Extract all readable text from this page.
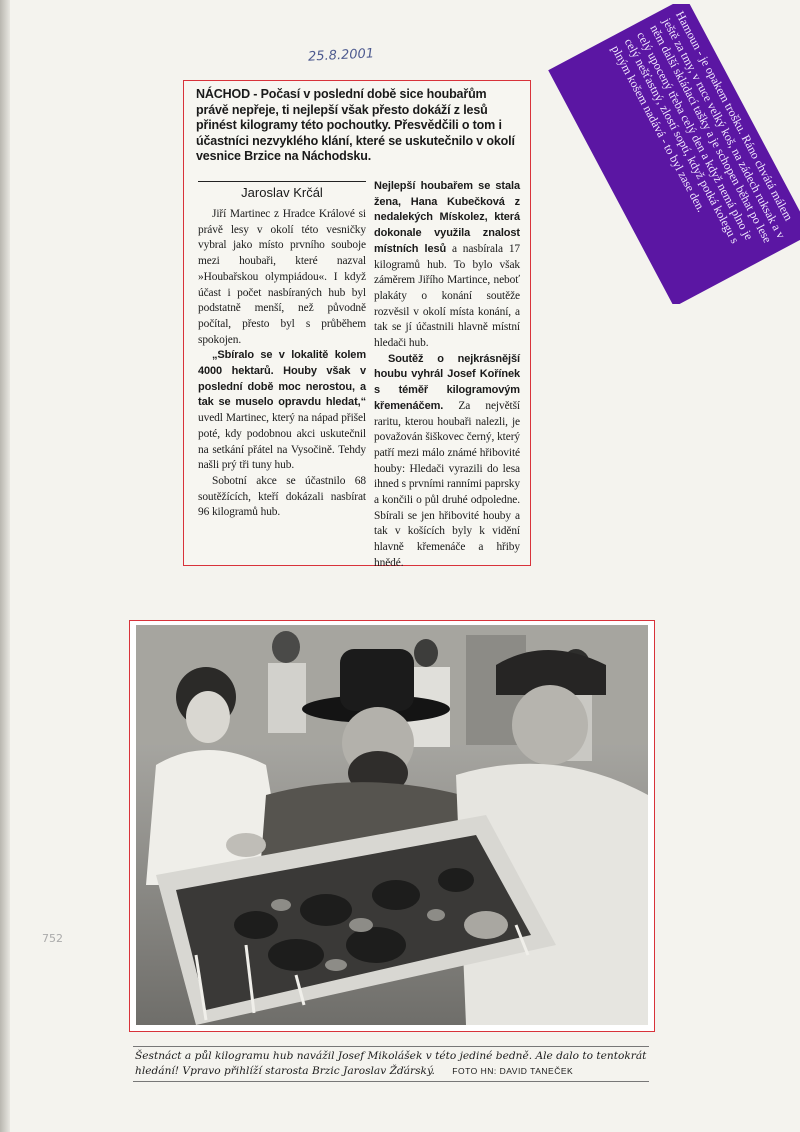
25.8.2001
NÁCHOD - Počasí v poslední době sice houbařům právě nepřeje, ti nejlepší však přesto dokáží z lesů přinést kilogramy této pochoutky. Přesvědčili o tom i účastníci nezvyklého klání, které se uskutečnilo v okolí vesnice Brzice na Náchodsku.
Jaroslav Krčál

Jiří Martinec z Hradce Králové si právě lesy v okolí této vesničky vybral jako místo prvního souboje mezi houbaři, které nazval »Houbařskou olympiádou«. I když účast i počet nasbíraných hub byl podstatně menší, než původně počítal, přesto byl s průběhem spokojen.

„Sbíralo se v lokalitě kolem 4000 hektarů. Houby však v poslední době moc nerostou, a tak se muselo opravdu hledat,“ uvedl Martinec, který na nápad přišel poté, kdy podobnou akci uskutečnil na setkání přátel na Vysočině. Tehdy našli prý tři tuny hub.

Sobotní akce se účastnilo 68 soutěžících, kteří dokázali nasbírat 96 kilogramů hub.

Nejlepší houbařem se stala žena, Hana Kubečková z nedalekých Mískolez, která dokonale využila znalost místních lesů a nasbírala 17 kilogramů hub. To bylo však záměrem Jiřího Martince, neboť plakáty o konání soutěže rozvěsil v okolí místa konání, a tak se jí účastnili hlavně místní hledači hub.

Soutěž o nejkrásnější houbu vyhrál Josef Kořínek s téměř kilogramovým křemenáčem. Za největší raritu, kterou houbaři nalezli, je považován šiškovec černý, který patří mezi málo známé hřibovité houby: Hledači vyrazili do lesa ihned s prvními ranními paprsky a končili o půl druhé odpoledne. Sbírali se jen hřibovité houby a tak v košících byly k vidění hlavně křemenáče a hřiby hnědé.

Hamoun - je opakem trošku. Ráno chvátá málem ještě za tmy, v ruce velký koš, na zádech ruksak a v něm další skládací tašky a je schopen běhat po lese celý upocený třeba celý den a když nemá plno je celý nešťastný, zlostí soptí, když potká kolegu s plným košem nadává - to byl zase den.
Šestnáct a půl kilogramu hub navážil Josef Mikolášek v této jediné bedně. Ale dalo to tentokrát hledání! Vpravo přihlíží starosta Brzic Jaroslav Žďárský. FOTO HN: DAVID TANEČEK
752
